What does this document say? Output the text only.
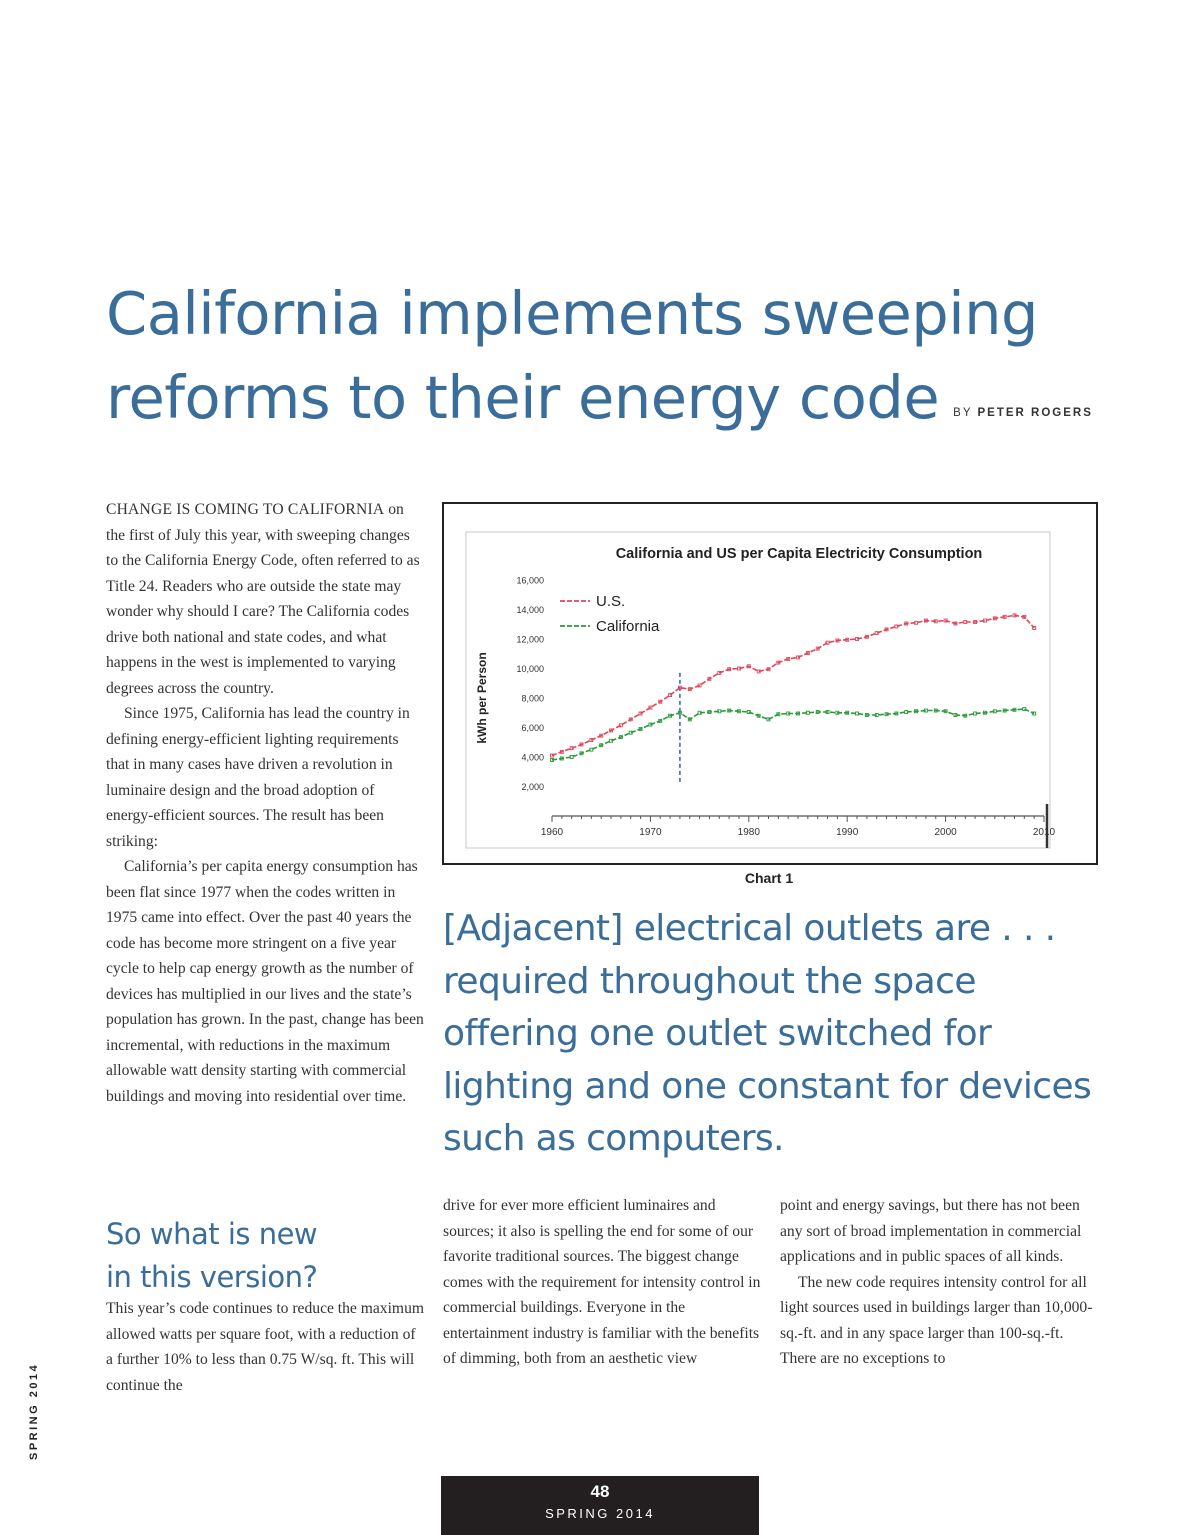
California implements sweeping
reforms to their energy code BY PETER ROGERS

CHANGE IS COMING TO CALIFORNIA on the first of July this year, with sweeping changes to the California Energy Code, often referred to as Title 24. Readers who are outside the state may wonder why should I care? The California codes drive both national and state codes, and what happens in the west is implemented to varying degrees across the country.

Since 1975, California has lead the country in defining energy-efficient lighting requirements that in many cases have driven a revolution in luminaire design and the broad adoption of energy-efficient sources. The result has been striking:

California’s per capita energy consumption has been flat since 1977 when the codes written in 1975 came into effect. Over the past 40 years the code has become more stringent on a five year cycle to help cap energy growth as the number of devices has multiplied in our lives and the state’s population has grown. In the past, change has been incremental, with reductions in the maximum allowable watt density starting with commercial buildings and moving into residential over time.

So what is new
in this version?

This year’s code continues to reduce the maximum allowed watts per square foot, with a reduction of a further 10% to less than 0.75 W/sq. ft. This will continue the

California and US per Capita Electricity Consumption
kWh per Person
2,000
4,000
6,000
8,000
10,000
12,000
14,000
16,000
1960	1970	1980	1990	2000	2010
U.S.
California
Chart 1

[Adjacent] electrical outlets are . . . required throughout the space offering one outlet switched for lighting and one constant for devices such as computers.

drive for ever more efficient luminaires and sources; it also is spelling the end for some of our favorite traditional sources. The biggest change comes with the requirement for intensity control in commercial buildings. Everyone in the entertainment industry is familiar with the benefits of dimming, both from an aesthetic view

point and energy savings, but there has not been any sort of broad implementation in commercial applications and in public spaces of all kinds.

The new code requires intensity control for all light sources used in buildings larger than 10,000-sq.-ft. and in any space larger than 100-sq.-ft. There are no exceptions to

SPRING 2014
48
SPRING 2014
